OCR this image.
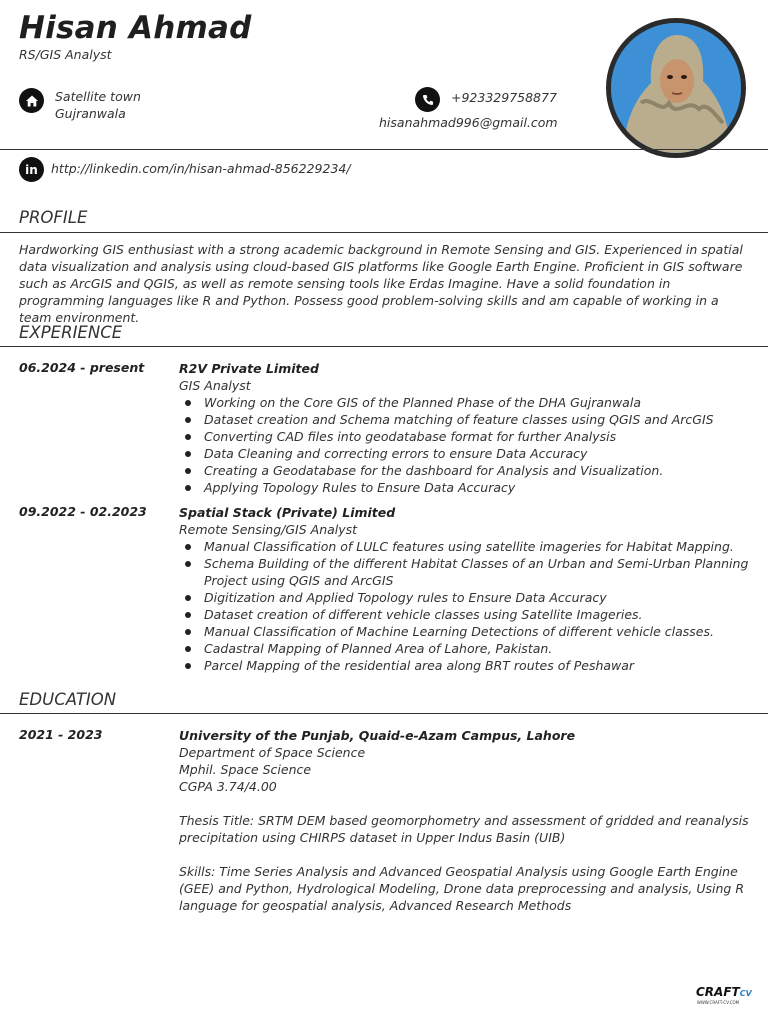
Hisan Ahmad
RS/GIS Analyst
Satellite town
Gujranwala
+923329758877
hisanahmad996@gmail.com
in http://linkedin.com/in/hisan-ahmad-856229234/
PROFILE
Hardworking GIS enthusiast with a strong academic background in Remote Sensing and GIS. Experienced in spatial data visualization and analysis using cloud-based GIS platforms like Google Earth Engine. Proficient in GIS software such as ArcGIS and QGIS, as well as remote sensing tools like Erdas Imagine. Have a solid foundation in programming languages like R and Python. Possess good problem-solving skills and am capable of working in a team environment.
EXPERIENCE
06.2024 - present	R2V Private Limited
GIS Analyst
Working on the Core GIS of the Planned Phase of the DHA Gujranwala
Dataset creation and Schema matching of feature classes using QGIS and ArcGIS
Converting CAD files into geodatabase format for further Analysis
Data Cleaning and correcting errors to ensure Data Accuracy
Creating a Geodatabase for the dashboard for Analysis and Visualization.
Applying Topology Rules to Ensure Data Accuracy
09.2022 - 02.2023	Spatial Stack (Private) Limited
Remote Sensing/GIS Analyst
Manual Classification of LULC features using satellite imageries for Habitat Mapping.
Schema Building of the different Habitat Classes of an Urban and Semi-Urban Planning Project using QGIS and ArcGIS
Digitization and Applied Topology rules to Ensure Data Accuracy
Dataset creation of different vehicle classes using Satellite Imageries.
Manual Classification of Machine Learning Detections of different vehicle classes.
Cadastral Mapping of Planned Area of Lahore, Pakistan.
Parcel Mapping of the residential area along BRT routes of Peshawar
EDUCATION
2021 - 2023	University of the Punjab, Quaid-e-Azam Campus, Lahore
Department of Space Science
Mphil. Space Science
CGPA 3.74/4.00
Thesis Title: SRTM DEM based geomorphometry and assessment of gridded and reanalysis precipitation using CHIRPS dataset in Upper Indus Basin (UIB)
Skills: Time Series Analysis and Advanced Geospatial Analysis using Google Earth Engine (GEE) and Python, Hydrological Modeling, Drone data preprocessing and analysis, Using R language for geospatial analysis, Advanced Research Methods
CRAFTCV
WWW.CRAFT-CV.COM
